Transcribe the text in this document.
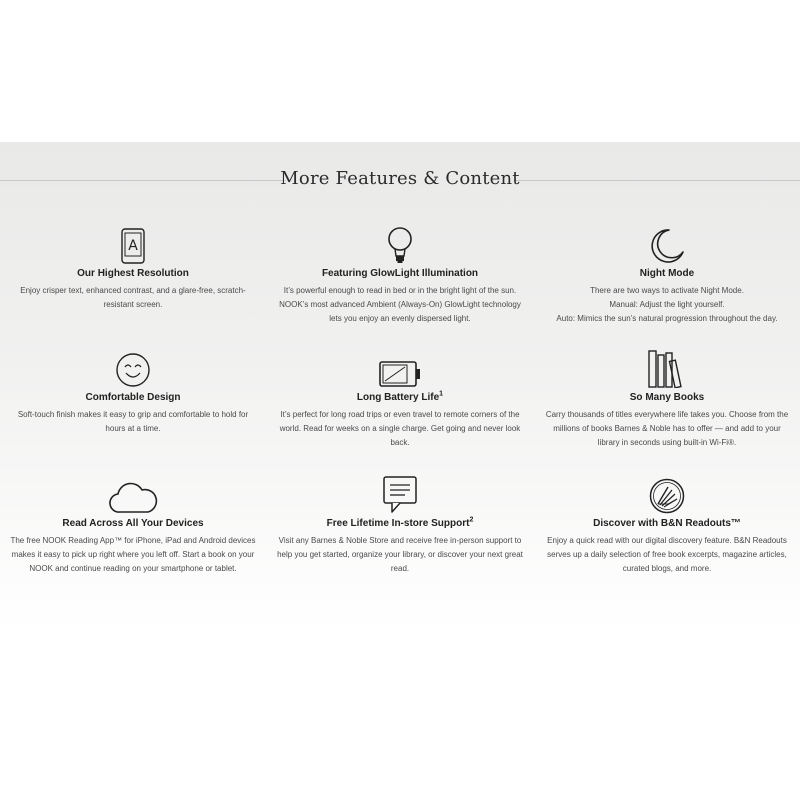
More Features & Content
A
Our Highest Resolution
Enjoy crisper text, enhanced contrast, and a glare-free, scratch-resistant screen.
Featuring GlowLight Illumination
It’s powerful enough to read in bed or in the bright light of the sun. NOOK’s most advanced Ambient (Always-On) GlowLight technology lets you enjoy an evenly dispersed light.
Night Mode
There are two ways to activate Night Mode.
Manual: Adjust the light yourself.
Auto: Mimics the sun’s natural progression throughout the day.
Comfortable Design
Soft-touch finish makes it easy to grip and comfortable to hold for hours at a time.
Long Battery Life$^1$
It’s perfect for long road trips or even travel to remote corners of the world. Read for weeks on a single charge. Get going and never look back.
So Many Books
Carry thousands of titles everywhere life takes you. Choose from the millions of books Barnes & Noble has to offer — and add to your library in seconds using built-in Wi-Fi®.
Read Across All Your Devices
The free NOOK Reading App™ for iPhone, iPad and Android devices makes it easy to pick up right where you left off. Start a book on your NOOK and continue reading on your smartphone or tablet.
Free Lifetime In-store Support$^2$
Visit any Barnes & Noble Store and receive free in-person support to help you get started, organize your library, or discover your next great read.
Discover with B&N Readouts™
Enjoy a quick read with our digital discovery feature. B&N Readouts serves up a daily selection of free book excerpts, magazine articles, curated blogs, and more.
